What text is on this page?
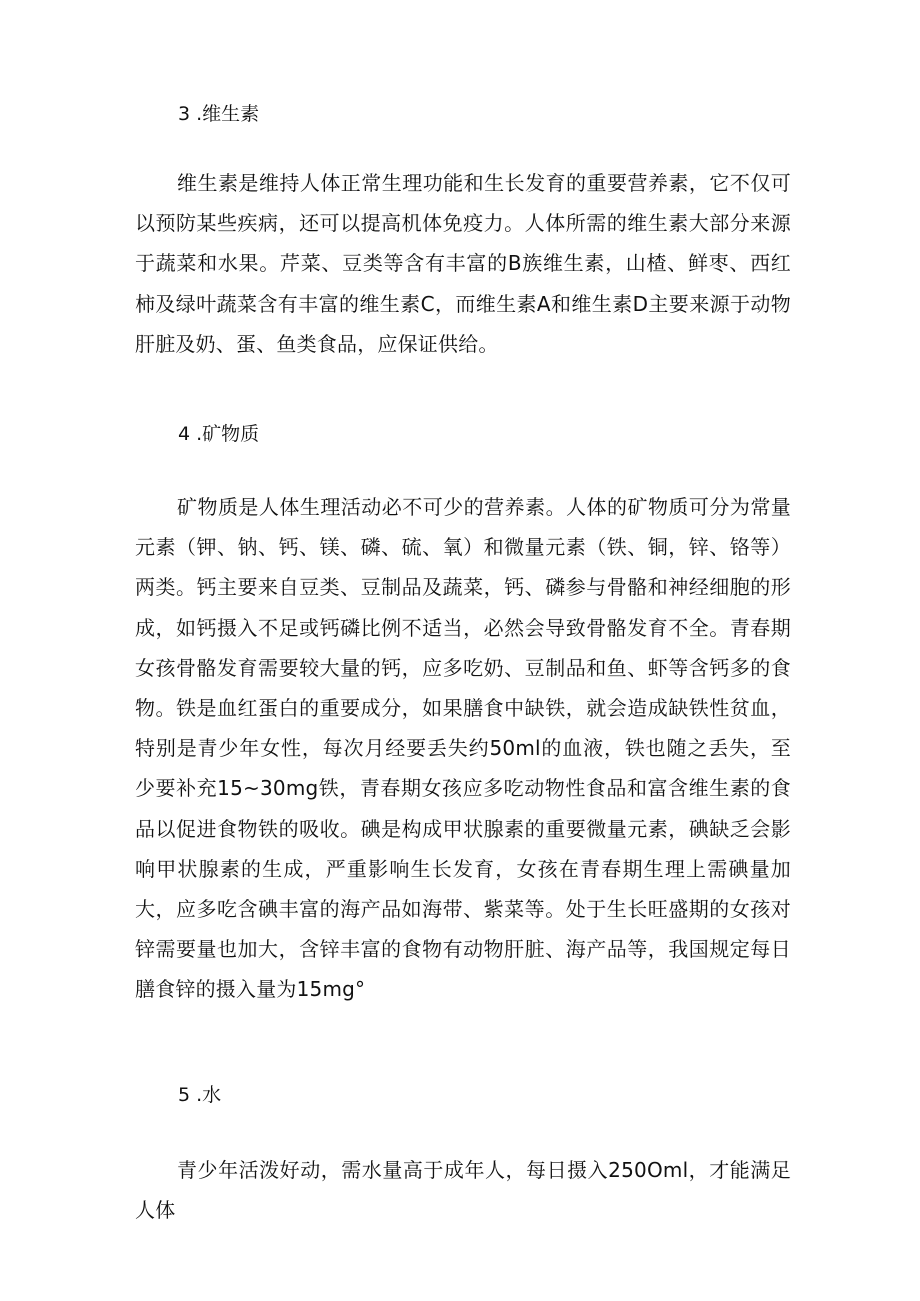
3 .维生素

维生素是维持人体正常生理功能和生长发育的重要营养素，它不仅可以预防某些疾病，还可以提高机体免疫力。人体所需的维生素大部分来源于蔬菜和水果。芹菜、豆类等含有丰富的B族维生素，山楂、鲜枣、西红柿及绿叶蔬菜含有丰富的维生素C，而维生素A和维生素D主要来源于动物肝脏及奶、蛋、鱼类食品，应保证供给。

4 .矿物质

矿物质是人体生理活动必不可少的营养素。人体的矿物质可分为常量元素（钾、钠、钙、镁、磷、硫、氧）和微量元素（铁、铜，锌、铬等）两类。钙主要来自豆类、豆制品及蔬菜，钙、磷参与骨骼和神经细胞的形成，如钙摄入不足或钙磷比例不适当，必然会导致骨骼发育不全。青春期女孩骨骼发育需要较大量的钙，应多吃奶、豆制品和鱼、虾等含钙多的食物。铁是血红蛋白的重要成分，如果膳食中缺铁，就会造成缺铁性贫血，特别是青少年女性，每次月经要丢失约50ml的血液，铁也随之丢失，至少要补充15~30mg铁，青春期女孩应多吃动物性食品和富含维生素的食品以促进食物铁的吸收。碘是构成甲状腺素的重要微量元素，碘缺乏会影响甲状腺素的生成，严重影响生长发育，女孩在青春期生理上需碘量加大，应多吃含碘丰富的海产品如海带、紫菜等。处于生长旺盛期的女孩对锌需要量也加大，含锌丰富的食物有动物肝脏、海产品等，我国规定每日膳食锌的摄入量为15mg°

5 .水

青少年活泼好动，需水量高于成年人，每日摄入250Oml，才能满足人体
